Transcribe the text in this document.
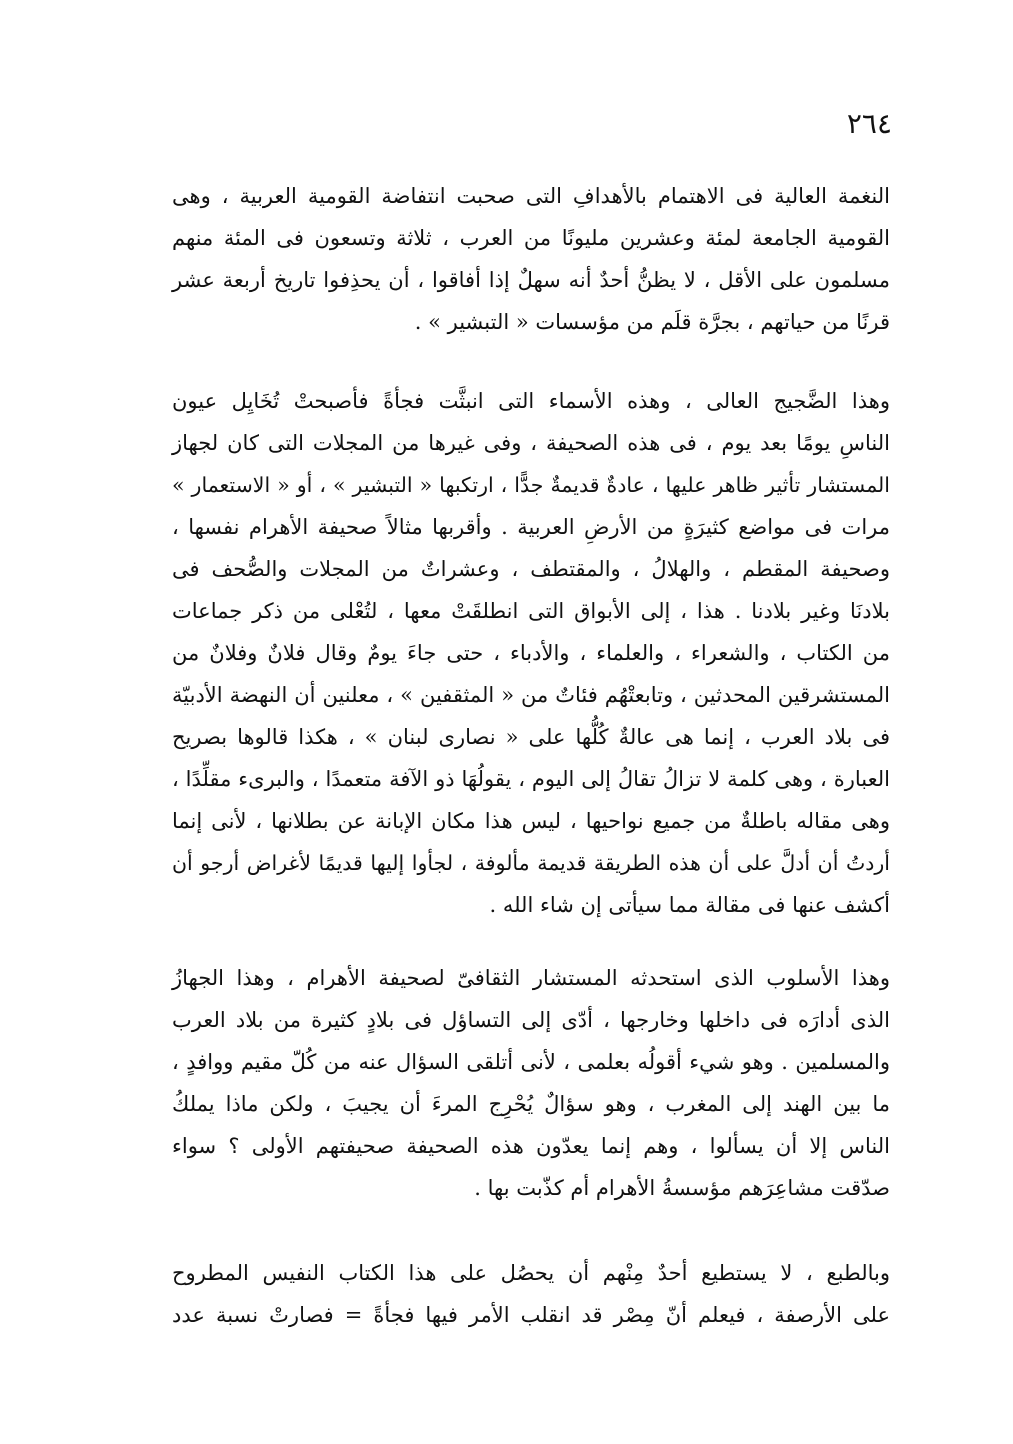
٢٦٤

النغمة العالية فى الاهتمام بالأهدافِ التى صحبت انتفاضة القومية العربية ، وهى
القومية الجامعة لمئة وعشرين مليونًا من العرب ، ثلاثة وتسعون فى المئة منهم
مسلمون على الأقل ، لا يظنُّ أحدٌ أنه سهلٌ إذا أفاقوا ، أن يحذِفوا تاريخ أربعة عشر
قرنًا من حياتهم ، بجرَّة قلَم من مؤسسات « التبشير » .

وهذا الضَّجيج العالى ، وهذه الأسماء التى انبثَّت فجأةً فأصبحتْ تُخَايِل عيون
الناسِ يومًا بعد يوم ، فى هذه الصحيفة ، وفى غيرها من المجلات التى كان لجهاز
المستشار تأثير ظاهر عليها ، عادةٌ قديمةٌ جدًّا ، ارتكبها « التبشير » ، أو « الاستعمار »
مرات فى مواضع كثيرَةٍ من الأرضِ العربية . وأقربها مثالاً صحيفة الأهرام نفسها ،
وصحيفة المقطم ، والهلالُ ، والمقتطف ، وعشراتٌ من المجلات والصُّحف فى
بلادنَا وغير بلادنا . هذا ، إلى الأبواق التى انطلقَتْ معها ، لتُعْلى من ذكر جماعات
من الكتاب ، والشعراء ، والعلماء ، والأدباء ، حتى جاءَ يومٌ وقال فلانٌ وفلانٌ من
المستشرقين المحدثين ، وتابعتْهُم فئاتٌ من « المثقفين » ، معلنين أن النهضة الأدبيّة
فى بلاد العرب ، إنما هى عالةٌ كُلُّها على « نصارى لبنان » ، هكذا قالوها بصريح
العبارة ، وهى كلمة لا تزالُ تقالُ إلى اليوم ، يقولُهَا ذو الآفة متعمدًا ، والبرىء مقلِّدًا ،
وهى مقاله باطلةٌ من جميع نواحيها ، ليس هذا مكان الإبانة عن بطلانها ، لأنى إنما
أردتُ أن أدلَّ على أن هذه الطريقة قديمة مألوفة ، لجأوا إليها قديمًا لأغراض أرجو أن
أكشف عنها فى مقالة مما سيأتى إن شاء الله .

وهذا الأسلوب الذى استحدثه المستشار الثقافىّ لصحيفة الأهرام ، وهذا الجهازُ
الذى أدارَه فى داخلها وخارجها ، أدّى إلى التساؤل فى بلادٍ كثيرة من بلاد العرب
والمسلمين . وهو شيء أقولُه بعلمى ، لأنى أتلقى السؤال عنه من كُلّ مقيم ووافدٍ ،
ما بين الهند إلى المغرب ، وهو سؤالٌ يُحْرِج المرءَ أن يجيبَ ، ولكن ماذا يملكُ
الناس إلا أن يسألوا ، وهم إنما يعدّون هذه الصحيفة صحيفتهم الأولى ؟ سواء
صدّقت مشاعِرَهم مؤسسةُ الأهرام أم كذّبت بها .

وبالطبع ، لا يستطيع أحدٌ مِنْهم أن يحصُل على هذا الكتاب النفيس المطروح
على الأرصفة ، فيعلم أنّ مِصْر قد انقلب الأمر فيها فجأةً = فصارتْ نسبة عدد
